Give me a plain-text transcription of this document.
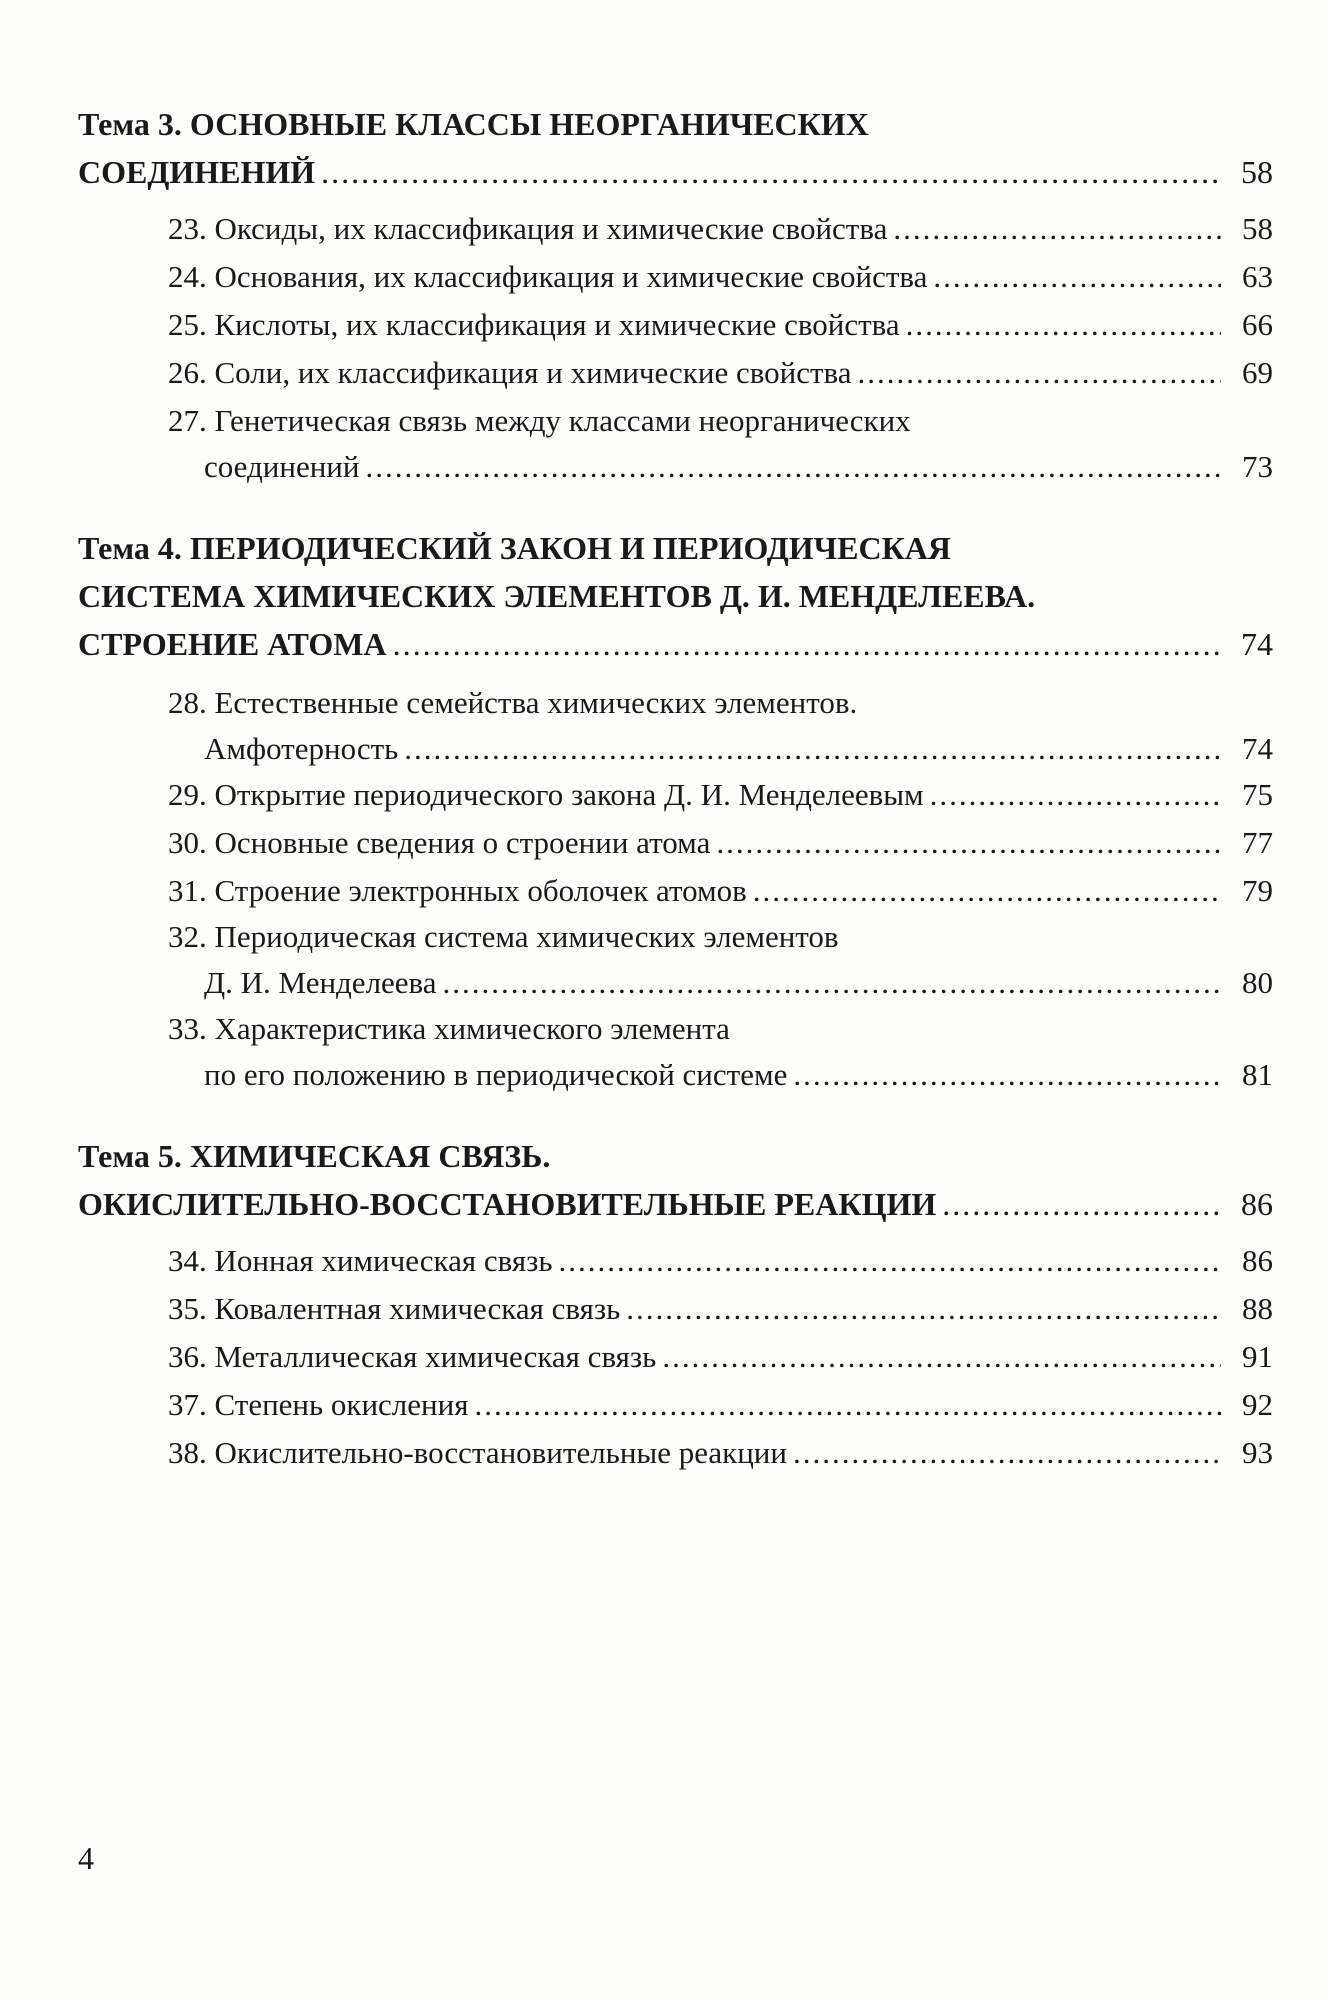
Тема 3. ОСНОВНЫЕ КЛАССЫ НЕОРГАНИЧЕСКИХ
СОЕДИНЕНИЙ .....	58
23. Оксиды, их классификация и химические свойства .....	58
24. Основания, их классификация и химические свойства .....	63
25. Кислоты, их классификация и химические свойства .....	66
26. Соли, их классификация и химические свойства .....	69
27. Генетическая связь между классами неорганических
соединений .....	73
Тема 4. ПЕРИОДИЧЕСКИЙ ЗАКОН И ПЕРИОДИЧЕСКАЯ
СИСТЕМА ХИМИЧЕСКИХ ЭЛЕМЕНТОВ Д. И. МЕНДЕЛЕЕВА.
СТРОЕНИЕ АТОМА .....	74
28. Естественные семейства химических элементов.
Амфотерность .....	74
29. Открытие периодического закона Д. И. Менделеевым .....	75
30. Основные сведения о строении атома .....	77
31. Строение электронных оболочек атомов .....	79
32. Периодическая система химических элементов
Д. И. Менделеева .....	80
33. Характеристика химического элемента
по его положению в периодической системе .....	81
Тема 5. ХИМИЧЕСКАЯ СВЯЗЬ.
ОКИСЛИТЕЛЬНО-ВОССТАНОВИТЕЛЬНЫЕ РЕАКЦИИ .....	86
34. Ионная химическая связь .....	86
35. Ковалентная химическая связь .....	88
36. Металлическая химическая связь .....	91
37. Степень окисления .....	92
38. Окислительно-восстановительные реакции .....	93
4
